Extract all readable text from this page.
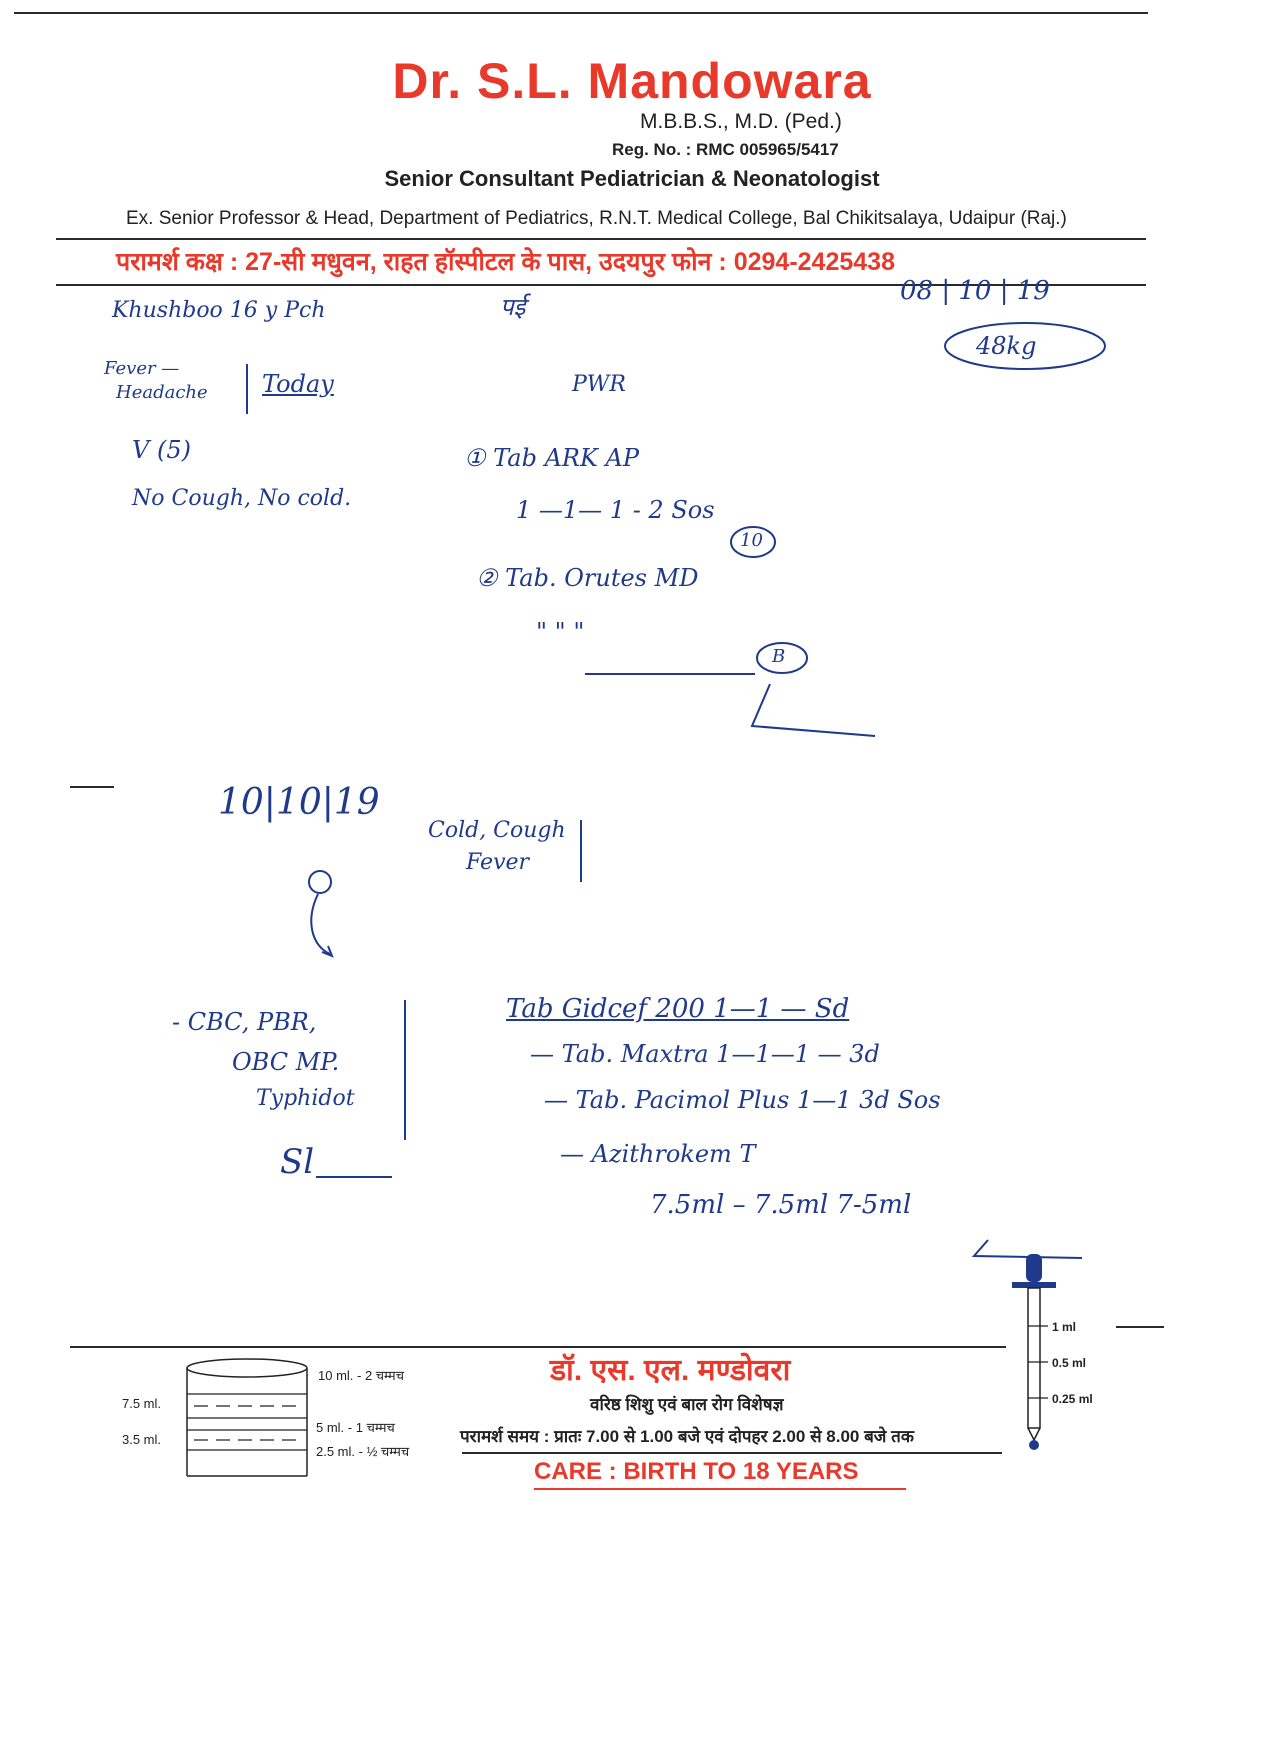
Dr. S.L. Mandowara
M.B.B.S., M.D. (Ped.)
Reg. No. : RMC 005965/5417
Senior Consultant Pediatrician & Neonatologist
Ex. Senior Professor & Head, Department of Pediatrics, R.N.T. Medical College, Bal Chikitsalaya, Udaipur (Raj.)
परामर्श कक्ष : 27-सी मधुवन, राहत हॉस्पीटल के पास, उदयपुर फोन : 0294-2425438
Khushboo 16 y Pch	पर्ई
08 | 10 | 19
48kg
Fever —
Headache Today	PWR
V (5)
No Cough, No cold.
① Tab ARK AP
1 —1— 1 - 2 Sos
10
② Tab. Orutes MD
" " "
B
10|10|19
Cold, Cough
Fever
- CBC, PBR,
OBC MP.
Typhidot
Sl
Tab Gidcef 200 1—1 — Sd
— Tab. Maxtra 1—1—1 — 3d
— Tab. Pacimol Plus 1—1 3d Sos
— Azithrokem T
7.5ml – 7.5ml 7-5ml
10 ml. - 2 चम्मच
7.5 ml.
5 ml. - 1 चम्मच
3.5 ml.
2.5 ml. - ½ चम्मच
डॉ. एस. एल. मण्डोवरा
वरिष्ठ शिशु एवं बाल रोग विशेषज्ञ
परामर्श समय : प्रातः 7.00 से 1.00 बजे एवं दोपहर 2.00 से 8.00 बजे तक
CARE : BIRTH TO 18 YEARS
1 ml
0.5 ml
0.25 ml
